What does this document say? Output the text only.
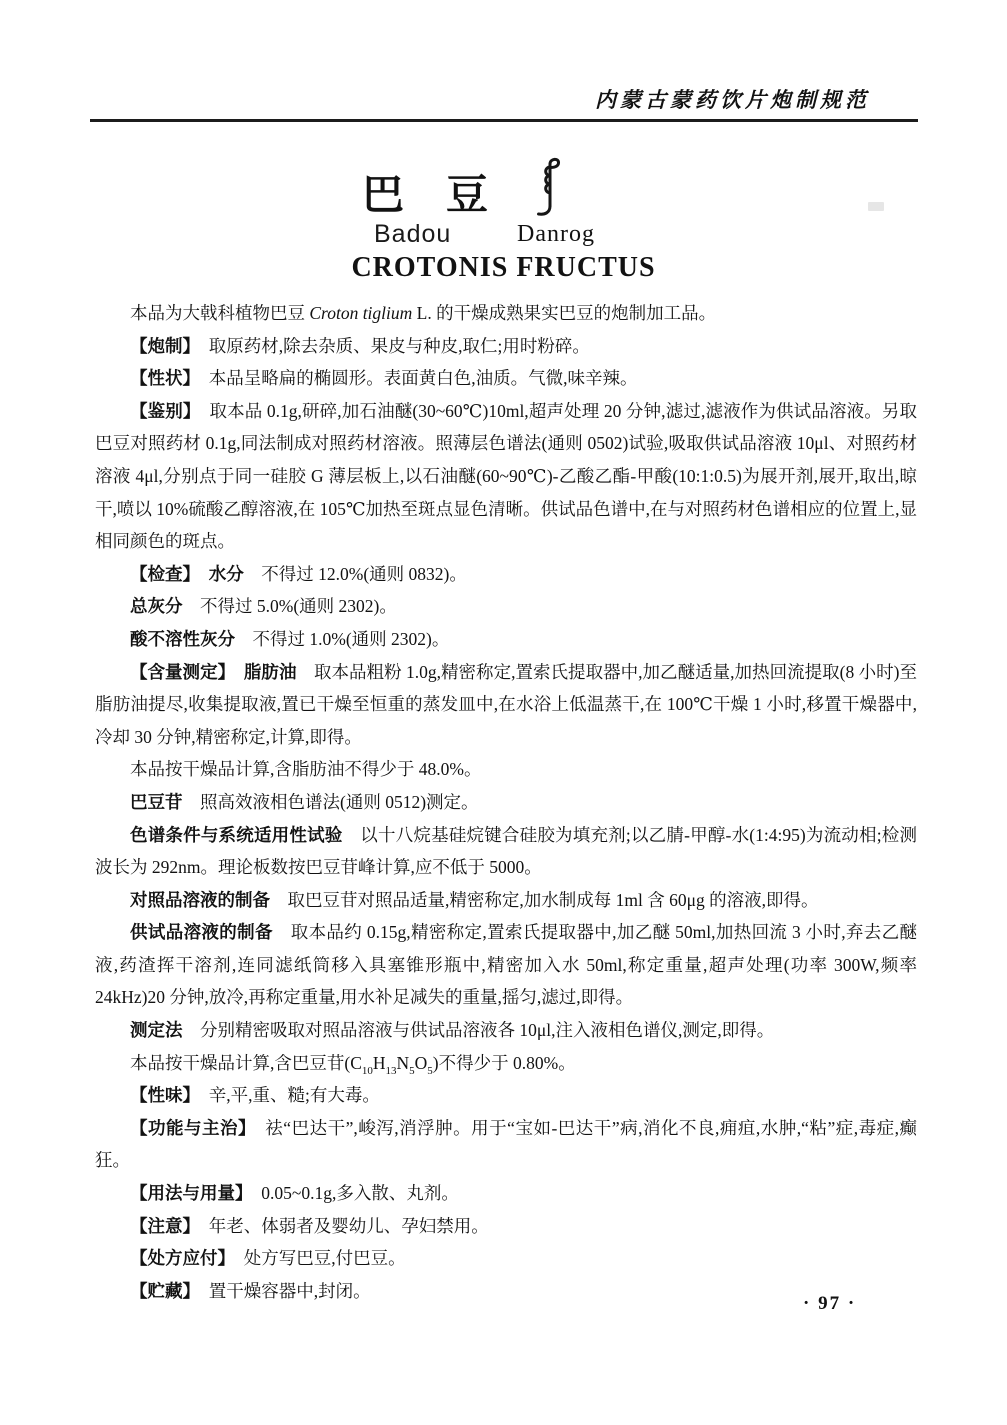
内蒙古蒙药饮片炮制规范
巴　豆
Badou	Danrog
CROTONIS FRUCTUS

本品为大戟科植物巴豆 Croton tiglium L. 的干燥成熟果实巴豆的炮制加工品。

【炮制】　取原药材,除去杂质、果皮与种皮,取仁;用时粉碎。

【性状】　本品呈略扁的椭圆形。表面黄白色,油质。气微,味辛辣。

【鉴别】　取本品 0.1g,研碎,加石油醚(30~60℃)10ml,超声处理 20 分钟,滤过,滤液作为供试品溶液。另取巴豆对照药材 0.1g,同法制成对照药材溶液。照薄层色谱法(通则 0502)试验,吸取供试品溶液 10μl、对照药材溶液 4μl,分别点于同一硅胶 G 薄层板上,以石油醚(60~90℃)-乙酸乙酯-甲酸(10:1:0.5)为展开剂,展开,取出,晾干,喷以 10%硫酸乙醇溶液,在 105℃加热至斑点显色清晰。供试品色谱中,在与对照药材色谱相应的位置上,显相同颜色的斑点。

【检查】　 水分　不得过 12.0%(通则 0832)。

总灰分　不得过 5.0%(通则 2302)。

酸不溶性灰分　不得过 1.0%(通则 2302)。

【含量测定】　 脂肪油　取本品粗粉 1.0g,精密称定,置索氏提取器中,加乙醚适量,加热回流提取(8 小时)至脂肪油提尽,收集提取液,置已干燥至恒重的蒸发皿中,在水浴上低温蒸干,在 100℃干燥 1 小时,移置干燥器中,冷却 30 分钟,精密称定,计算,即得。

本品按干燥品计算,含脂肪油不得少于 48.0%。

巴豆苷　照高效液相色谱法(通则 0512)测定。

色谱条件与系统适用性试验　以十八烷基硅烷键合硅胶为填充剂;以乙腈-甲醇-水(1:4:95)为流动相;检测波长为 292nm。理论板数按巴豆苷峰计算,应不低于 5000。

对照品溶液的制备　取巴豆苷对照品适量,精密称定,加水制成每 1ml 含 60μg 的溶液,即得。

供试品溶液的制备　取本品约 0.15g,精密称定,置索氏提取器中,加乙醚 50ml,加热回流 3 小时,弃去乙醚液,药渣挥干溶剂,连同滤纸筒移入具塞锥形瓶中,精密加入水 50ml,称定重量,超声处理(功率 300W,频率 24kHz)20 分钟,放冷,再称定重量,用水补足减失的重量,摇匀,滤过,即得。

测定法　分别精密吸取对照品溶液与供试品溶液各 10μl,注入液相色谱仪,测定,即得。

本品按干燥品计算,含巴豆苷$(C_{10}H_{13}N_5O_5)$不得少于 0.80%。

【性味】　辛,平,重、糙;有大毒。

【功能与主治】　祛“巴达干”,峻泻,消浮肿。用于“宝如-巴达干”病,消化不良,痈疽,水肿,“粘”症,毒症,癫狂。

【用法与用量】　0.05~0.1g,多入散、丸剂。

【注意】　年老、体弱者及婴幼儿、孕妇禁用。

【处方应付】　处方写巴豆,付巴豆。

【贮藏】　置干燥容器中,封闭。

· 97 ·
